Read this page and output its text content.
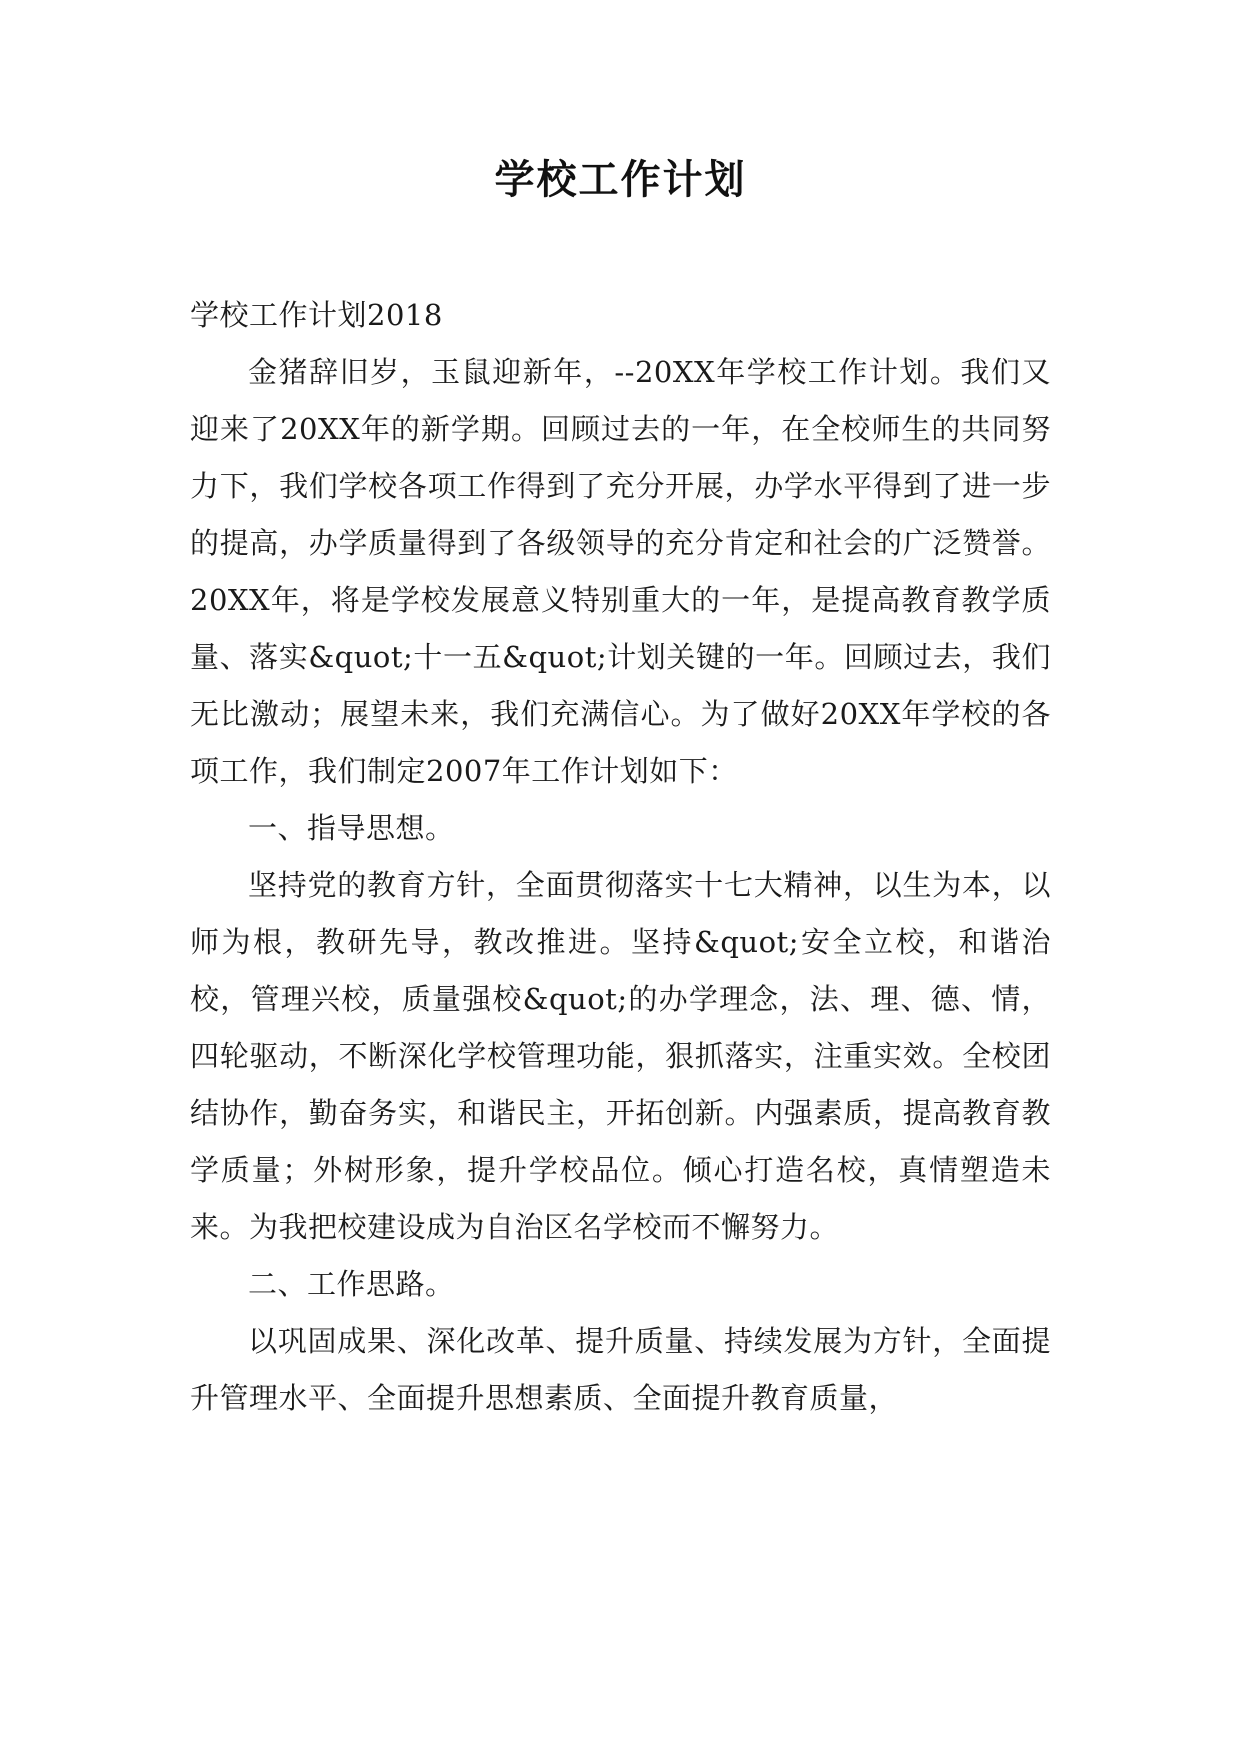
学校工作计划

学校工作计划2018

金猪辞旧岁，玉鼠迎新年，--20XX年学校工作计划。我们又迎来了20XX年的新学期。回顾过去的一年，在全校师生的共同努力下，我们学校各项工作得到了充分开展，办学水平得到了进一步的提高，办学质量得到了各级领导的充分肯定和社会的广泛赞誉。20XX年，将是学校发展意义特别重大的一年，是提高教育教学质量、落实&quot;十一五&quot;计划关键的一年。回顾过去，我们无比激动；展望未来，我们充满信心。为了做好20XX年学校的各项工作，我们制定2007年工作计划如下：

一、指导思想。

坚持党的教育方针，全面贯彻落实十七大精神，以生为本，以师为根，教研先导，教改推进。坚持&quot;安全立校，和谐治校，管理兴校，质量强校&quot;的办学理念，法、理、德、情，四轮驱动，不断深化学校管理功能，狠抓落实，注重实效。全校团结协作，勤奋务实，和谐民主，开拓创新。内强素质，提高教育教学质量；外树形象，提升学校品位。倾心打造名校，真情塑造未来。为我把校建设成为自治区名学校而不懈努力。

二、工作思路。

以巩固成果、深化改革、提升质量、持续发展为方针，全面提升管理水平、全面提升思想素质、全面提升教育质量，
